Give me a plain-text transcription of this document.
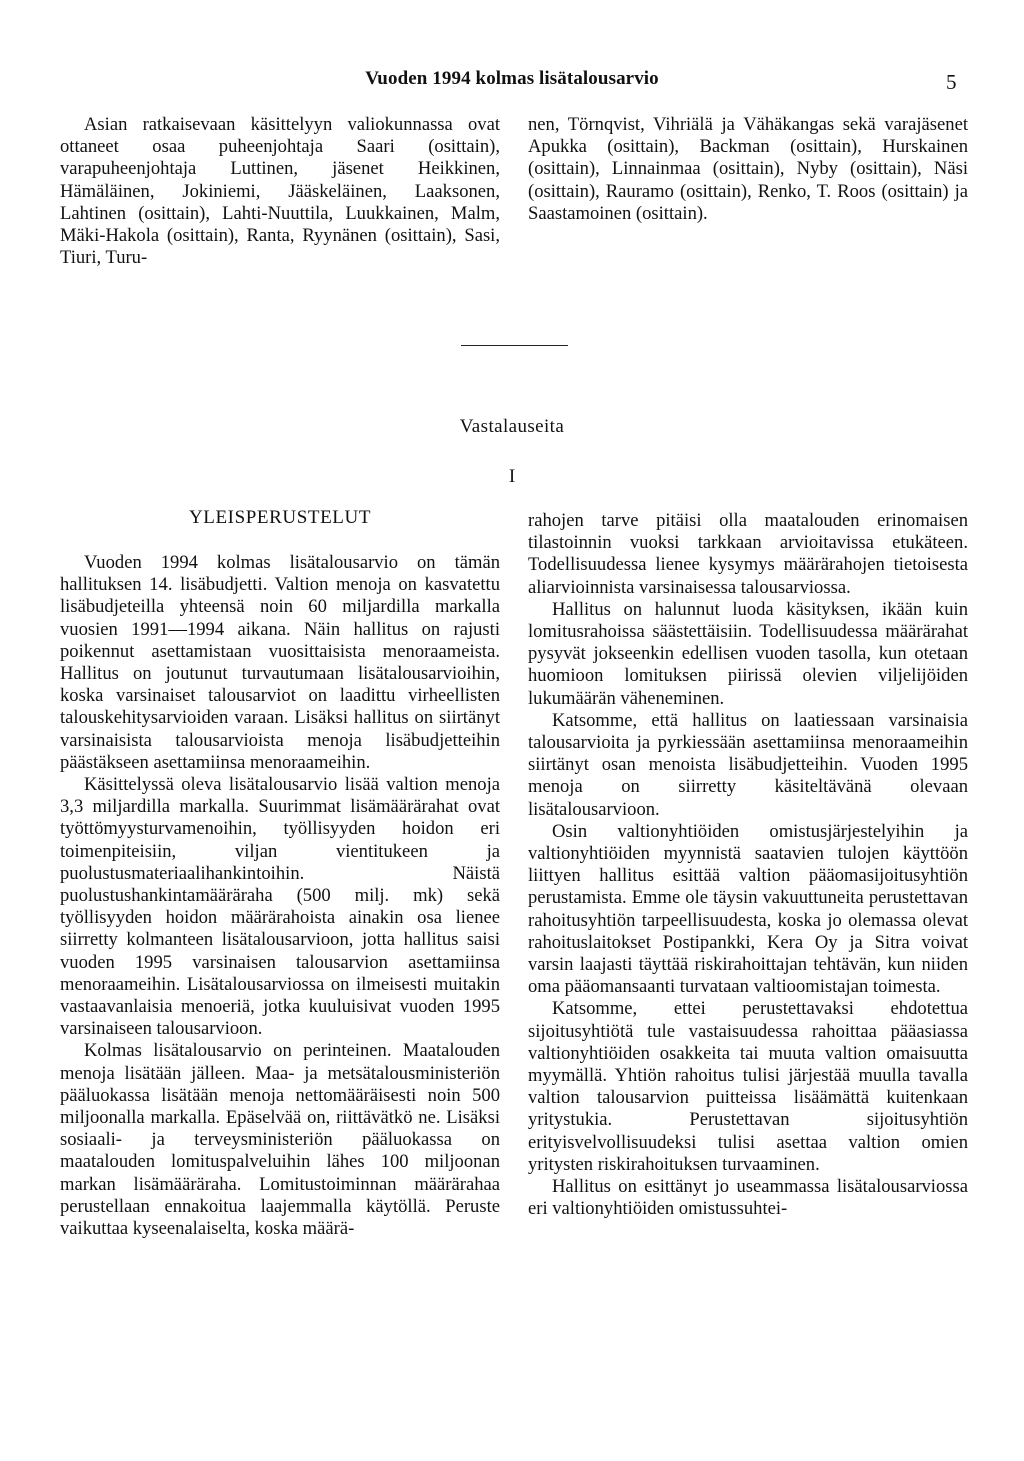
Vuoden 1994 kolmas lisätalousarvio	5

Asian ratkaisevaan käsittelyyn valiokunnassa ovat ottaneet osaa puheenjohtaja Saari (osittain), varapuheenjohtaja Luttinen, jäsenet Heikkinen, Hämäläinen, Jokiniemi, Jääskeläinen, Laaksonen, Lahtinen (osittain), Lahti-Nuuttila, Luukkainen, Malm, Mäki-Hakola (osittain), Ranta, Ryynänen (osittain), Sasi, Tiuri, Turu-

nen, Törnqvist, Vihriälä ja Vähäkangas sekä varajäsenet Apukka (osittain), Backman (osittain), Hurskainen (osittain), Linnainmaa (osittain), Nyby (osittain), Näsi (osittain), Rauramo (osittain), Renko, T. Roos (osittain) ja Saastamoinen (osittain).

Vastalauseita
I
YLEISPERUSTELUT

Vuoden 1994 kolmas lisätalousarvio on tämän hallituksen 14. lisäbudjetti. Valtion menoja on kasvatettu lisäbudjeteilla yhteensä noin 60 miljardilla markalla vuosien 1991—1994 aikana. Näin hallitus on rajusti poikennut asettamistaan vuosittaisista menoraameista. Hallitus on joutunut turvautumaan lisätalousarvioihin, koska varsinaiset talousarviot on laadittu virheellisten talouskehitysarvioiden varaan. Lisäksi hallitus on siirtänyt varsinaisista talousarvioista menoja lisäbudjetteihin päästäkseen asettamiinsa menoraameihin.

Käsittelyssä oleva lisätalousarvio lisää valtion menoja 3,3 miljardilla markalla. Suurimmat lisämäärärahat ovat työttömyysturvamenoihin, työllisyyden hoidon eri toimenpiteisiin, viljan vientitukeen ja puolustusmateriaalihankintoihin. Näistä puolustushankintamääräraha (500 milj. mk) sekä työllisyyden hoidon määrärahoista ainakin osa lienee siirretty kolmanteen lisätalousarvioon, jotta hallitus saisi vuoden 1995 varsinaisen talousarvion asettamiinsa menoraameihin. Lisätalousarviossa on ilmeisesti muitakin vastaavanlaisia menoeriä, jotka kuuluisivat vuoden 1995 varsinaiseen talousarvioon.

Kolmas lisätalousarvio on perinteinen. Maatalouden menoja lisätään jälleen. Maa- ja metsätalousministeriön pääluokassa lisätään menoja nettomääräisesti noin 500 miljoonalla markalla. Epäselvää on, riittävätkö ne. Lisäksi sosiaali- ja terveysministeriön pääluokassa on maatalouden lomituspalveluihin lähes 100 miljoonan markan lisämääräraha. Lomitustoiminnan määrärahaa perustellaan ennakoitua laajemmalla käytöllä. Peruste vaikuttaa kyseenalaiselta, koska määrä-

rahojen tarve pitäisi olla maatalouden erinomaisen tilastoinnin vuoksi tarkkaan arvioitavissa etukäteen. Todellisuudessa lienee kysymys määrärahojen tietoisesta aliarvioinnista varsinaisessa talousarviossa.

Hallitus on halunnut luoda käsityksen, ikään kuin lomitusrahoissa säästettäisiin. Todellisuudessa määrärahat pysyvät jokseenkin edellisen vuoden tasolla, kun otetaan huomioon lomituksen piirissä olevien viljelijöiden lukumäärän väheneminen.

Katsomme, että hallitus on laatiessaan varsinaisia talousarvioita ja pyrkiessään asettamiinsa menoraameihin siirtänyt osan menoista lisäbudjetteihin. Vuoden 1995 menoja on siirretty käsiteltävänä olevaan lisätalousarvioon.

Osin valtionyhtiöiden omistusjärjestelyihin ja valtionyhtiöiden myynnistä saatavien tulojen käyttöön liittyen hallitus esittää valtion pääomasijoitusyhtiön perustamista. Emme ole täysin vakuuttuneita perustettavan rahoitusyhtiön tarpeellisuudesta, koska jo olemassa olevat rahoituslaitokset Postipankki, Kera Oy ja Sitra voivat varsin laajasti täyttää riskirahoittajan tehtävän, kun niiden oma pääomansaanti turvataan valtioomistajan toimesta.

Katsomme, ettei perustettavaksi ehdotettua sijoitusyhtiötä tule vastaisuudessa rahoittaa pääasiassa valtionyhtiöiden osakkeita tai muuta valtion omaisuutta myymällä. Yhtiön rahoitus tulisi järjestää muulla tavalla valtion talousarvion puitteissa lisäämättä kuitenkaan yritystukia. Perustettavan sijoitusyhtiön erityisvelvollisuudeksi tulisi asettaa valtion omien yritysten riskirahoituksen turvaaminen.

Hallitus on esittänyt jo useammassa lisätalousarviossa eri valtionyhtiöiden omistussuhtei-
